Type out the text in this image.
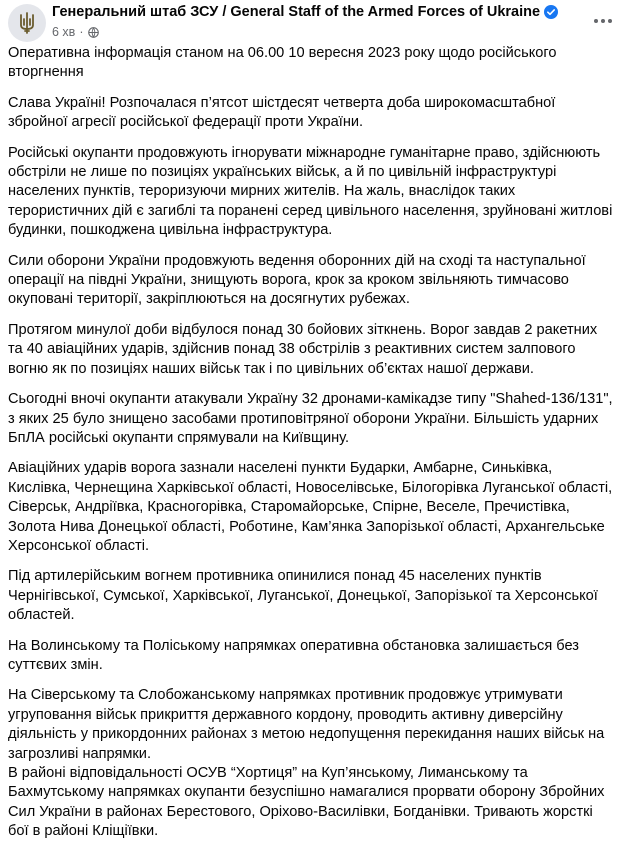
Генеральний штаб ЗСУ / General Staff of the Armed Forces of Ukraine
6 хв ·

Оперативна інформація станом на 06.00 10 вересня 2023 року щодо російського вторгнення

Слава Україні! Розпочалася п’ятсот шістдесят четверта доба широкомасштабної збройної агресії російської федерації проти України.

Російські окупанти продовжують ігнорувати міжнародне гуманітарне право, здійснюють обстріли не лише по позиціях українських військ, а й по цивільній інфраструктурі населених пунктів, тероризуючи мирних жителів. На жаль, внаслідок таких терористичних дій є загиблі та поранені серед цивільного населення, зруйновані житлові будинки, пошкоджена цивільна інфраструктура.

Сили оборони України продовжують ведення оборонних дій на сході та наступальної операції на півдні України, знищують ворога, крок за кроком звільняють тимчасово окуповані території, закріплюються на досягнутих рубежах.

Протягом минулої доби відбулося понад 30 бойових зіткнень. Ворог завдав 2 ракетних та 40 авіаційних ударів, здійснив понад 38 обстрілів з реактивних систем залпового вогню як по позиціях наших військ так і по цивільних об’єктах нашої держави.

Сьогодні вночі окупанти атакували Україну 32 дронами-камікадзе типу "Shahed-136/131", з яких 25 було знищено засобами протиповітряної оборони України. Більшість ударних БпЛА російські окупанти спрямували на Київщину.

Авіаційних ударів ворога зазнали населені пункти Бударки, Амбарне, Синьківка, Кислівка, Чернещина Харківської області, Новоселівське, Білогорівка Луганської області, Сіверськ, Андріївка, Красногорівка, Старомайорське, Спірне, Веселе, Пречистівка, Золота Нива Донецької області, Роботине, Кам’янка Запорізької області, Архангельське Херсонської області.

Під артилерійським вогнем противника опинилися понад 45 населених пунктів Чернігівської, Сумської, Харківської, Луганської, Донецької, Запорізької та Херсонської областей.

На Волинському та Поліському напрямках оперативна обстановка залишається без суттєвих змін.

На Сіверському та Слобожанському напрямках противник продовжує утримувати угруповання військ прикриття державного кордону, проводить активну диверсійну діяльність у прикордонних районах з метою недопущення перекидання наших військ на загрозливі напрямки.

В районі відповідальності ОСУВ “Хортиця” на Куп’янському, Лиманському та Бахмутському напрямках окупанти безуспішно намагалися прорвати оборону Збройних Сил України в районах Берестового, Оріхово-Василівки, Богданівки. Тривають жорсткі бої в районі Кліщіївки.
